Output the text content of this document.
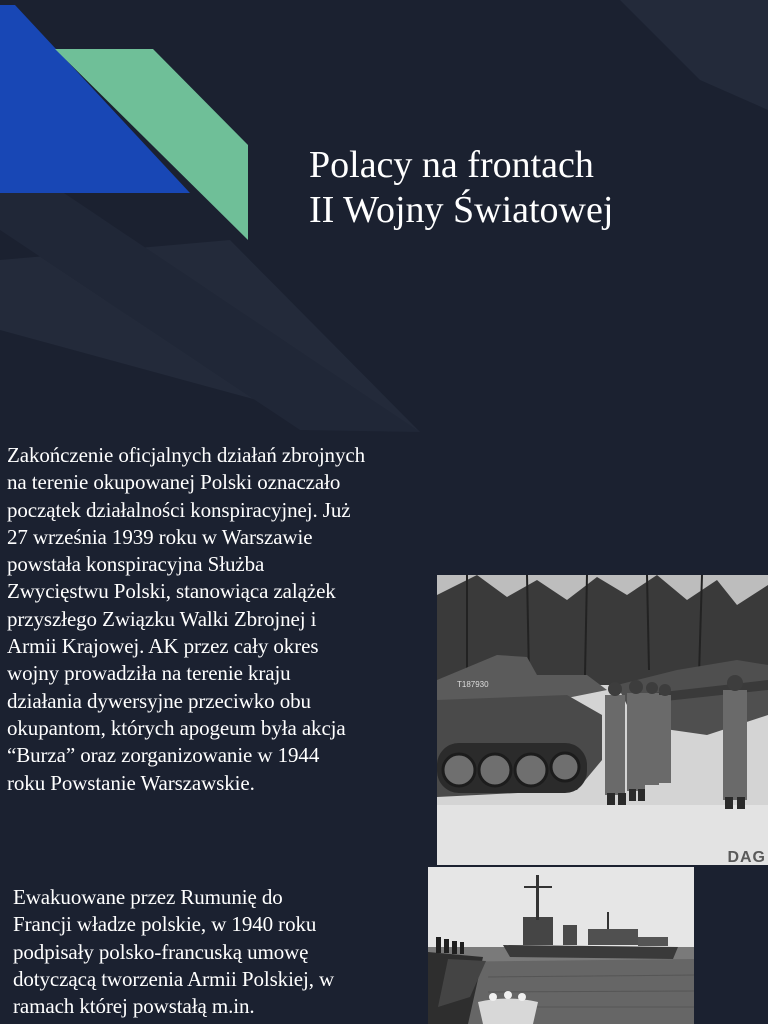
Polacy na frontach
II Wojny Światowej
Zakończenie oficjalnych działań zbrojnych
na terenie okupowanej Polski oznaczało
początek działalności konspiracyjnej. Już
27 września 1939 roku w Warszawie
powstała konspiracyjna Służba
Zwycięstwu Polski, stanowiąca zalążek
przyszłego Związku Walki Zbrojnej i
Armii Krajowej. AK przez cały okres
wojny prowadziła na terenie kraju
działania dywersyjne przeciwko obu
okupantom, których apogeum była akcja
“Burza” oraz zorganizowanie w 1944
roku Powstanie Warszawskie.
T187930
DAG
Ewakuowane przez Rumunię do
Francji władze polskie, w 1940 roku
podpisały polsko-francuską umowę
dotyczącą tworzenia Armii Polskiej, w
ramach której powstałą m.in.
